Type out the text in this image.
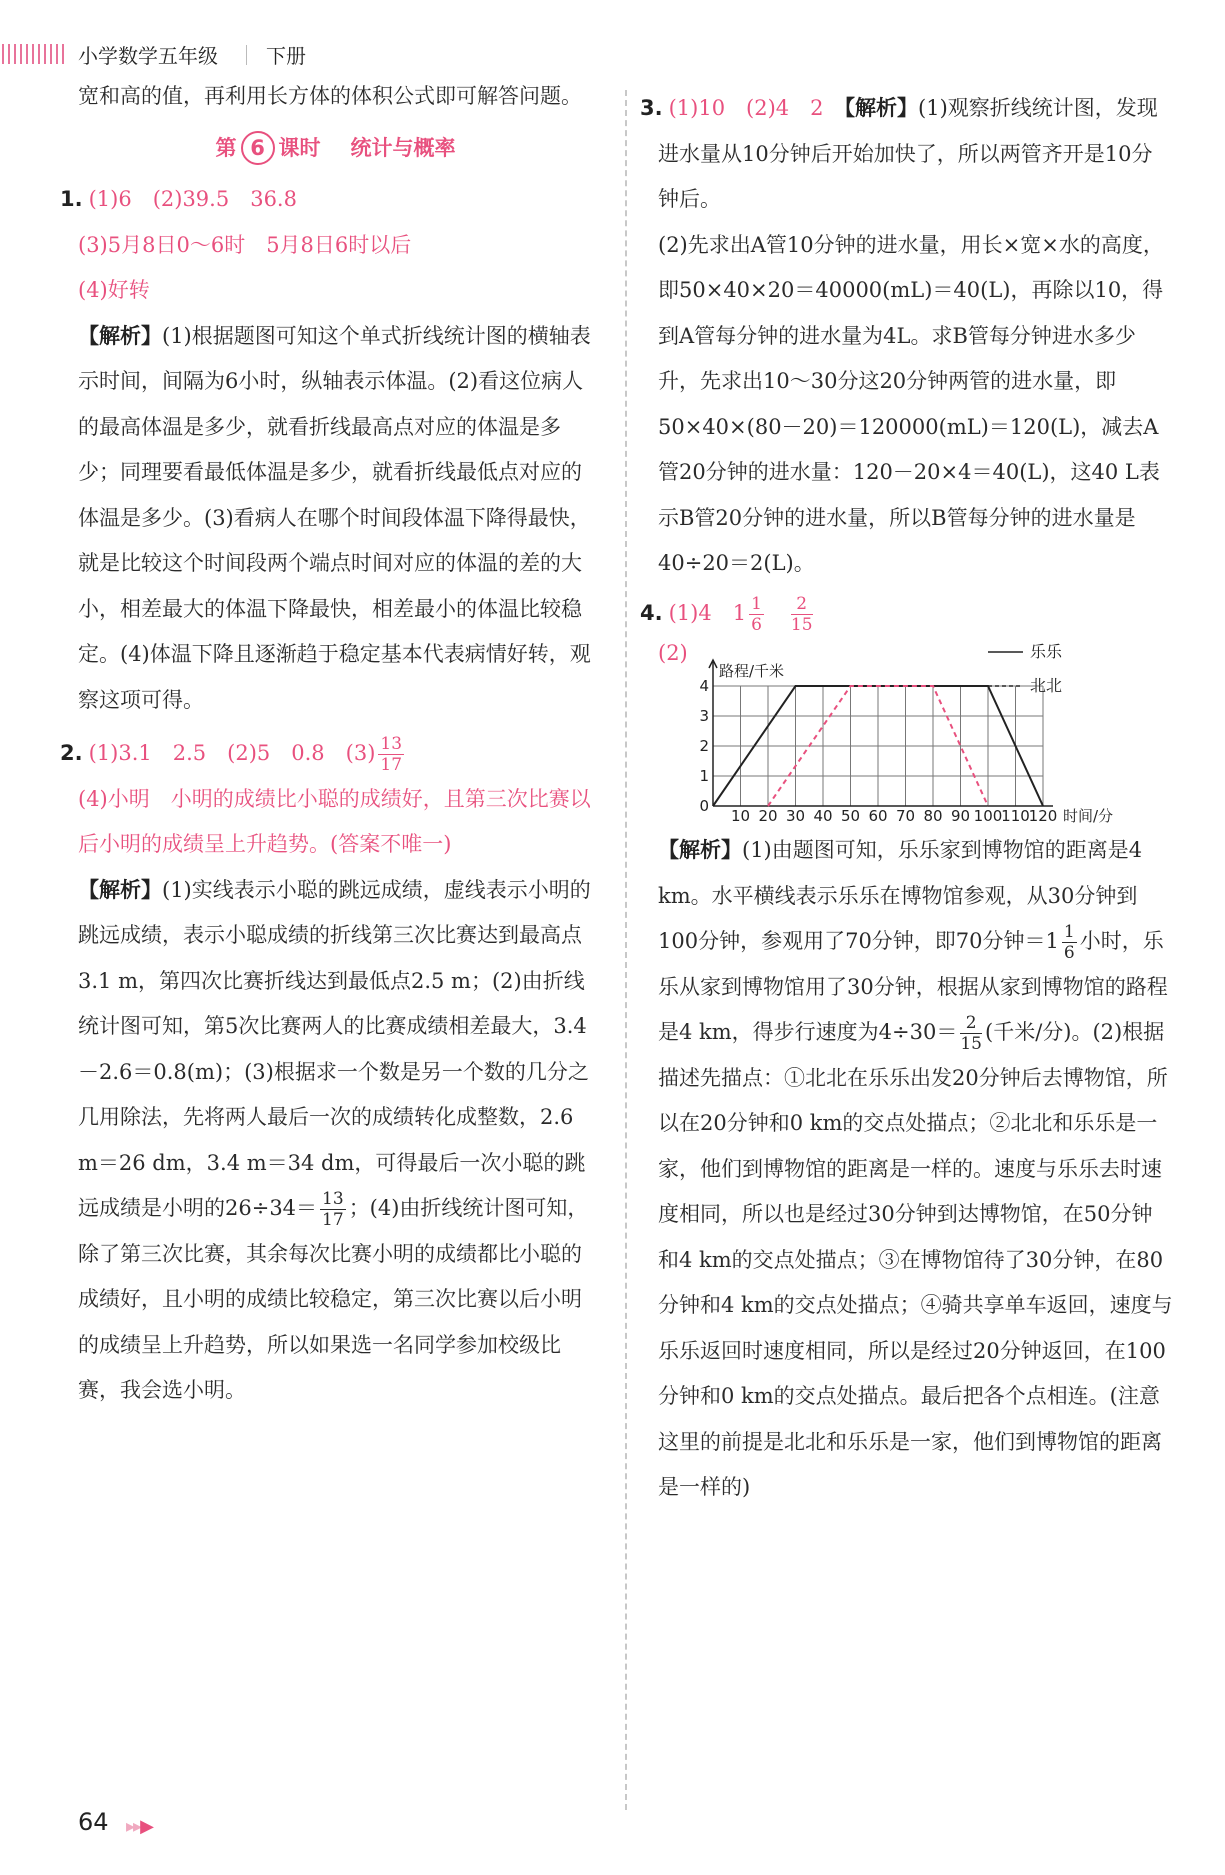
小学数学五年级 下册

宽和高的值，再利用长方体的体积公式即可解答问题。

第 6 课时 统计与概率

1. (1)6　(2)39.5　36.8

(3)5月8日0～6时　5月8日6时以后

(4)好转

【解析】(1)根据题图可知这个单式折线统计图的横轴表示时间，间隔为6小时，纵轴表示体温。(2)看这位病人的最高体温是多少，就看折线最高点对应的体温是多少；同理要看最低体温是多少，就看折线最低点对应的体温是多少。(3)看病人在哪个时间段体温下降得最快，就是比较这个时间段两个端点时间对应的体温的差的大小，相差最大的体温下降最快，相差最小的体温比较稳定。(4)体温下降且逐渐趋于稳定基本代表病情好转，观察这项可得。

2. (1)3.1　2.5　(2)5　0.8　$(3) \frac{13}{17}$

(4)小明　小明的成绩比小聪的成绩好，且第三次比赛以后小明的成绩呈上升趋势。(答案不唯一)

【解析】(1)实线表示小聪的跳远成绩，虚线表示小明的跳远成绩，表示小聪成绩的折线第三次比赛达到最高点3.1 m，第四次比赛折线达到最低点2.5 m；(2)由折线统计图可知，第5次比赛两人的比赛成绩相差最大，3.4－2.6＝0.8(m)；(3)根据求一个数是另一个数的几分之几用除法，先将两人最后一次的成绩转化成整数，2.6 m＝26 dm，3.4 m＝34 dm，可得最后一次小聪的跳远成绩是小明的$26\div 34= \frac{13}{17}$ ；(4)由折线统计图可知，除了第三次比赛，其余每次比赛小明的成绩都比小聪的成绩好，且小明的成绩比较稳定，第三次比赛以后小明的成绩呈上升趋势，所以如果选一名同学参加校级比赛，我会选小明。

3. (1)10　(2)4　2　 【解析】(1)观察折线统计图，发现进水量从10分钟后开始加快了，所以两管齐开是10分钟后。

(2)先求出A管10分钟的进水量，用长×宽×水的高度，即50×40×20＝40000(mL)＝40(L)，再除以10，得到A管每分钟的进水量为4L。求B管每分钟进水多少升，先求出10～30分这20分钟两管的进水量，即50×40×(80－20)＝120000(mL)＝120(L)，减去A管20分钟的进水量：120－20×4＝40(L)，这40 L表示B管20分钟的进水量，所以B管每分钟的进水量是40÷20＝2(L)。

4. (1)4　$1 \frac{1}{6}$
　 $\frac{2}{15}$

(2)
路程/千米
时间/分
0
1
2
3
4
10 20 30 40 50 60 70 80 90 100
110
120
乐乐
北北

【解析】(1)由题图可知，乐乐家到博物馆的距离是4 km。水平横线表示乐乐在博物馆参观，从30分钟到100分钟，参观用了70分钟，即70分钟$=1 \frac{1}{6}$ 小时，乐乐从家到博物馆用了30分钟，根据从家到博物馆的路程是4 km，得步行速度为$4\div 30= \frac{2}{15}$ (千米/分)。(2)根据描述先描点：①北北在乐乐出发20分钟后去博物馆，所以在20分钟和0 km的交点处描点；②北北和乐乐是一家，他们到博物馆的距离是一样的。速度与乐乐去时速度相同，所以也是经过30分钟到达博物馆，在50分钟和4 km的交点处描点；③在博物馆待了30分钟，在80分钟和4 km的交点处描点；④骑共享单车返回，速度与乐乐返回时速度相同，所以是经过20分钟返回，在100分钟和0 km的交点处描点。最后把各个点相连。(注意这里的前提是北北和乐乐是一家，他们到博物馆的距离是一样的)

64 ▸▸▶
